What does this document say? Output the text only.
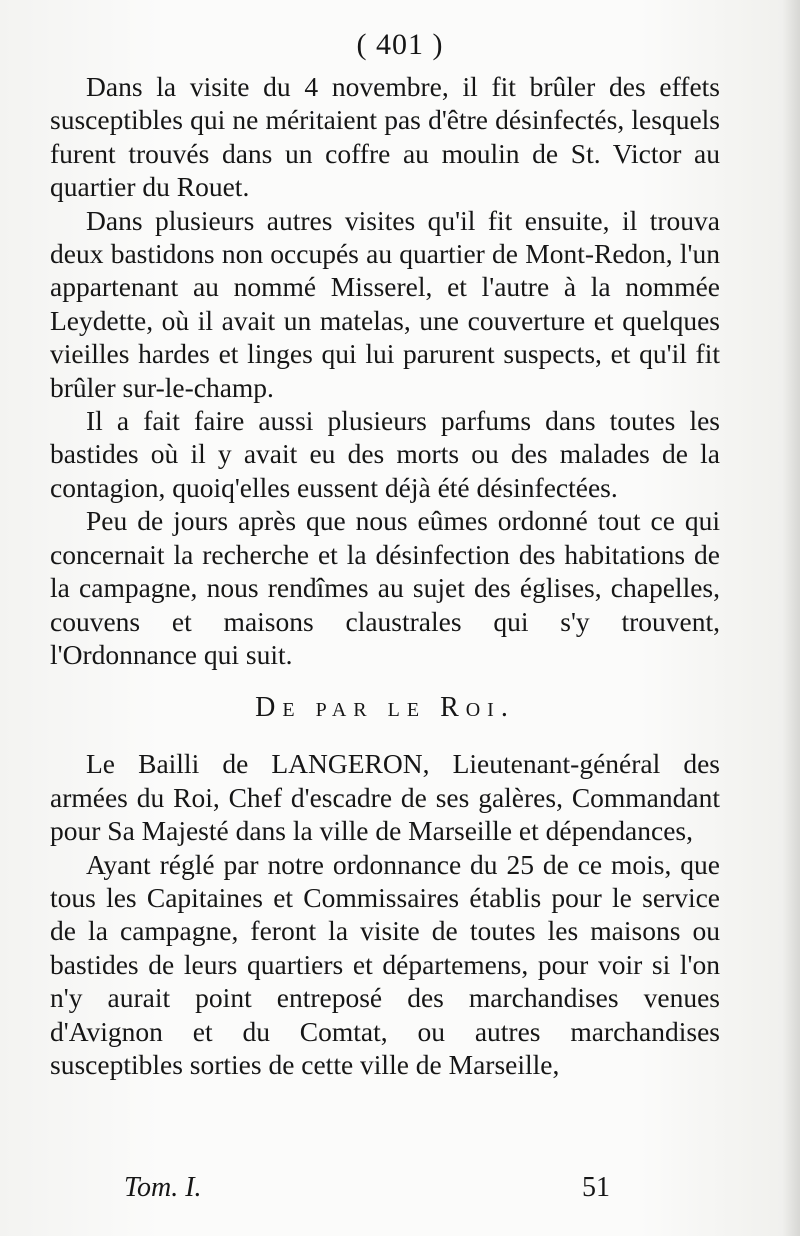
( 401 )

Dans la visite du 4 novembre, il fit brûler des effets susceptibles qui ne méritaient pas d'être désinfectés, lesquels furent trouvés dans un coffre au moulin de St. Victor au quartier du Rouet.

Dans plusieurs autres visites qu'il fit ensuite, il trouva deux bastidons non occupés au quartier de Mont-Redon, l'un appartenant au nommé Misserel, et l'autre à la nommée Leydette, où il avait un matelas, une couverture et quelques vieilles hardes et linges qui lui parurent suspects, et qu'il fit brûler sur-le-champ.

Il a fait faire aussi plusieurs parfums dans toutes les bastides où il y avait eu des morts ou des malades de la contagion, quoiq'elles eussent déjà été désinfectées.

Peu de jours après que nous eûmes ordonné tout ce qui concernait la recherche et la désinfection des habitations de la campagne, nous rendîmes au sujet des églises, chapelles, couvens et maisons claustrales qui s'y trouvent, l'Ordonnance qui suit.

De par le Roi.

Le Bailli de LANGERON, Lieutenant-général des armées du Roi, Chef d'escadre de ses galères, Commandant pour Sa Majesté dans la ville de Marseille et dépendances,

Ayant réglé par notre ordonnance du 25 de ce mois, que tous les Capitaines et Commissaires établis pour le service de la campagne, feront la visite de toutes les maisons ou bastides de leurs quartiers et départemens, pour voir si l'on n'y aurait point entreposé des marchandises venues d'Avignon et du Comtat, ou autres marchandises susceptibles sorties de cette ville de Marseille,

Tom. I.	51
